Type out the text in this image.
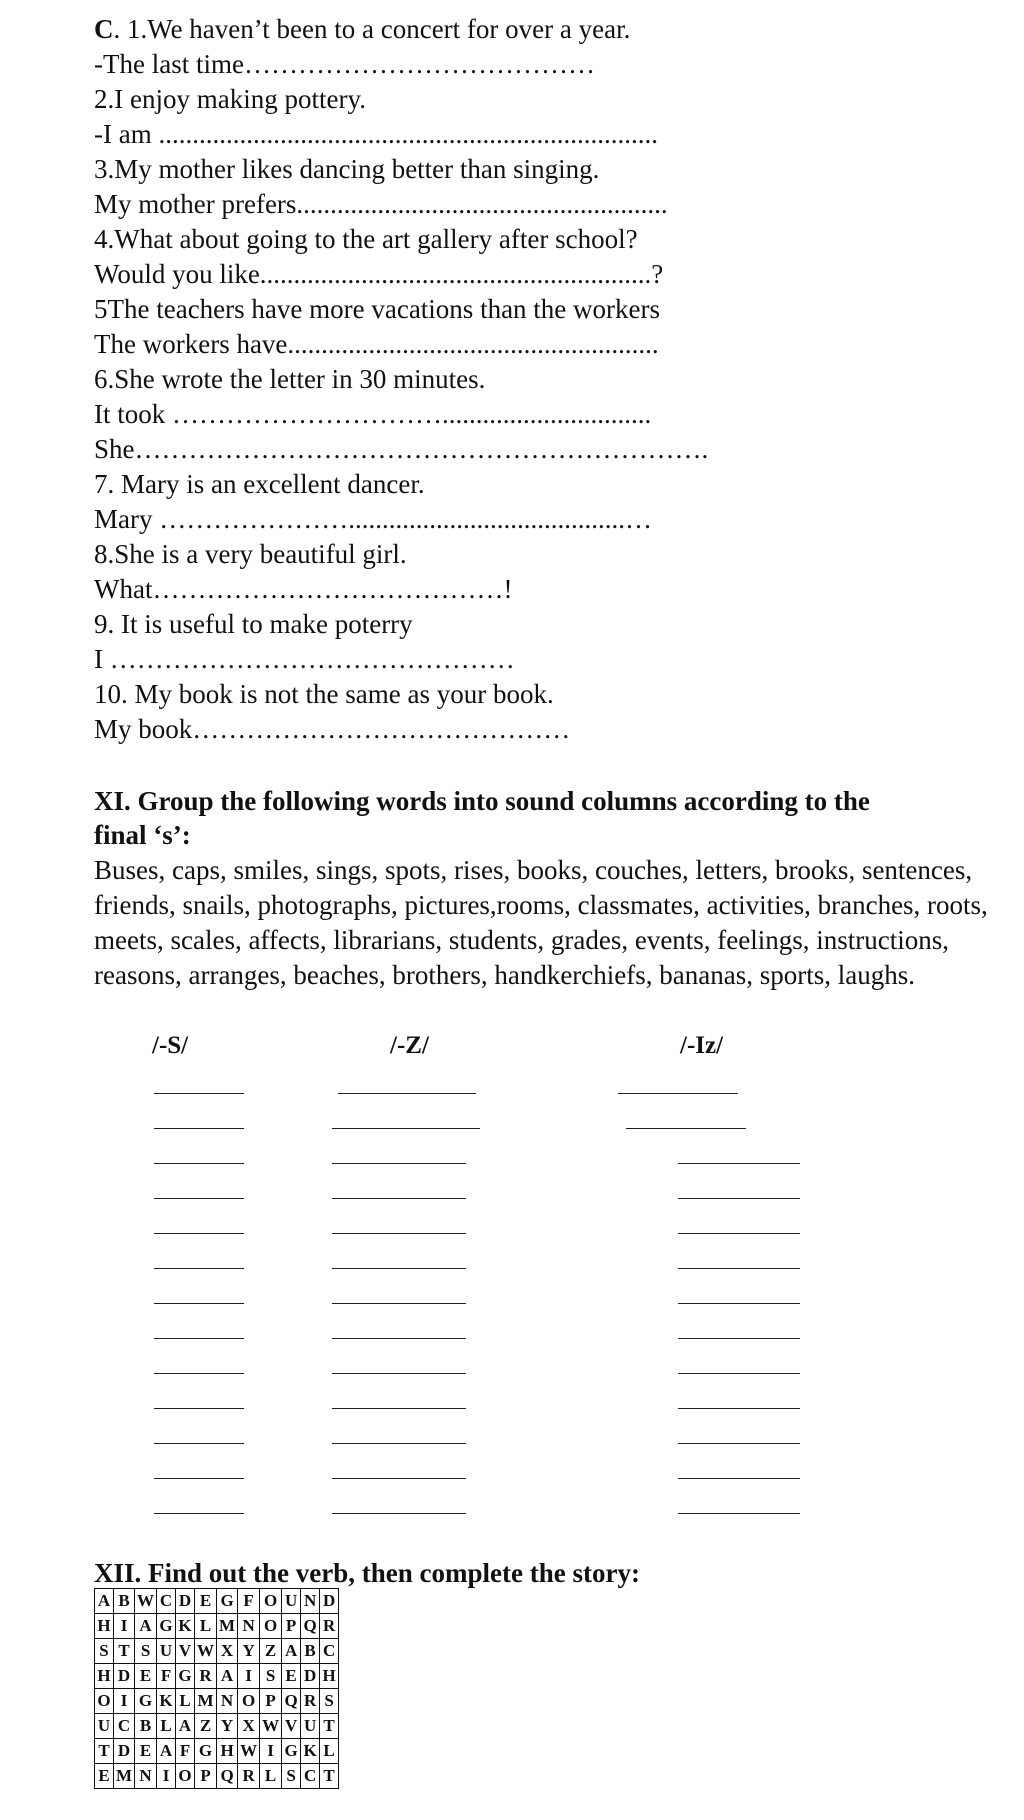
C. 1.We haven’t been to a concert for over a year.
-The last time…………………………………
2.I enjoy making pottery.
-I am ..........................................................................
3.My mother likes dancing better than singing.
My mother prefers.......................................................
4.What about going to the art gallery after school?
Would you like..........................................................?
5The teachers have more vacations than the workers
The workers have.......................................................
6.She wrote the letter in 30 minutes.
It took …………………………...............................
She……………………………………………………….
7. Mary is an excellent dancer.
Mary ………………….........................................…
8.She is a very beautiful girl.
What…………………………………!
9. It is useful to make poterry
I ………………………………………
10. My book is not the same as your book.
My book……………………………………
XI. Group the following words into sound columns according to the
final ‘s’:
Buses, caps, smiles, sings, spots, rises, books, couches, letters, brooks, sentences, friends, snails, photographs, pictures,rooms, classmates, activities, branches, roots, meets, scales, affects, librarians, students, grades, events, feelings, instructions, reasons, arranges, beaches, brothers, handkerchiefs, bananas, sports, laughs.
/-S/	/-Z/	/-Iz/
XII. Find out the verb, then complete the story:
A	B	W	C	D	E	G	F	O	U	N	D
H	I	A	G	K	L	M	N	O	P	Q	R
S	T	S	U	V	W	X	Y	Z	A	B	C
H	D	E	F	G	R	A	I	S	E	D	H
O	I	G	K	L	M	N	O	P	Q	R	S
U	C	B	L	A	Z	Y	X	W	V	U	T
T	D	E	A	F	G	H	W	I	G	K	L
E	M	N	I	O	P	Q	R	L	S	C	T
